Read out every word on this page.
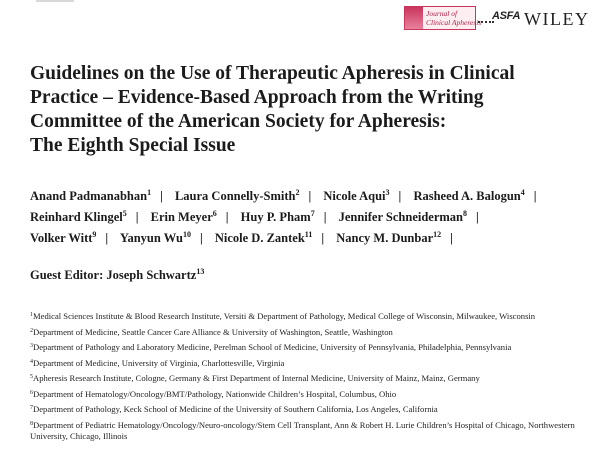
Journal of
Clinical Apheresis
ASFA WILEY
Guidelines on the Use of Therapeutic Apheresis in Clinical
Practice – Evidence-Based Approach from the Writing
Committee of the American Society for Apheresis:
The Eighth Special Issue
Anand Padmanabhan$^1$ | Laura Connelly-Smith$^2$ | Nicole Aqui$^3$ | Rasheed A. Balogun$^4$ |
Reinhard Klingel$^5$ | Erin Meyer$^6$ | Huy P. Pham$^7$ | Jennifer Schneiderman$^8$ |
Volker Witt$^9$ | Yanyun Wu$^{10}$ | Nicole D. Zantek$^{11}$ | Nancy M. Dunbar$^{12}$ |
Guest Editor: Joseph Schwartz$^{13}$
$^1$Medical Sciences Institute & Blood Research Institute, Versiti & Department of Pathology, Medical College of Wisconsin, Milwaukee, Wisconsin
$^2$Department of Medicine, Seattle Cancer Care Alliance & University of Washington, Seattle, Washington
$^3$Department of Pathology and Laboratory Medicine, Perelman School of Medicine, University of Pennsylvania, Philadelphia, Pennsylvania
$^4$Department of Medicine, University of Virginia, Charlottesville, Virginia
$^5$Apheresis Research Institute, Cologne, Germany & First Department of Internal Medicine, University of Mainz, Mainz, Germany
$^6$Department of Hematology/Oncology/BMT/Pathology, Nationwide Children’s Hospital, Columbus, Ohio
$^7$Department of Pathology, Keck School of Medicine of the University of Southern California, Los Angeles, California
$^8$Department of Pediatric Hematology/Oncology/Neuro-oncology/Stem Cell Transplant, Ann & Robert H. Lurie Children’s Hospital of Chicago, Northwestern University, Chicago, Illinois
